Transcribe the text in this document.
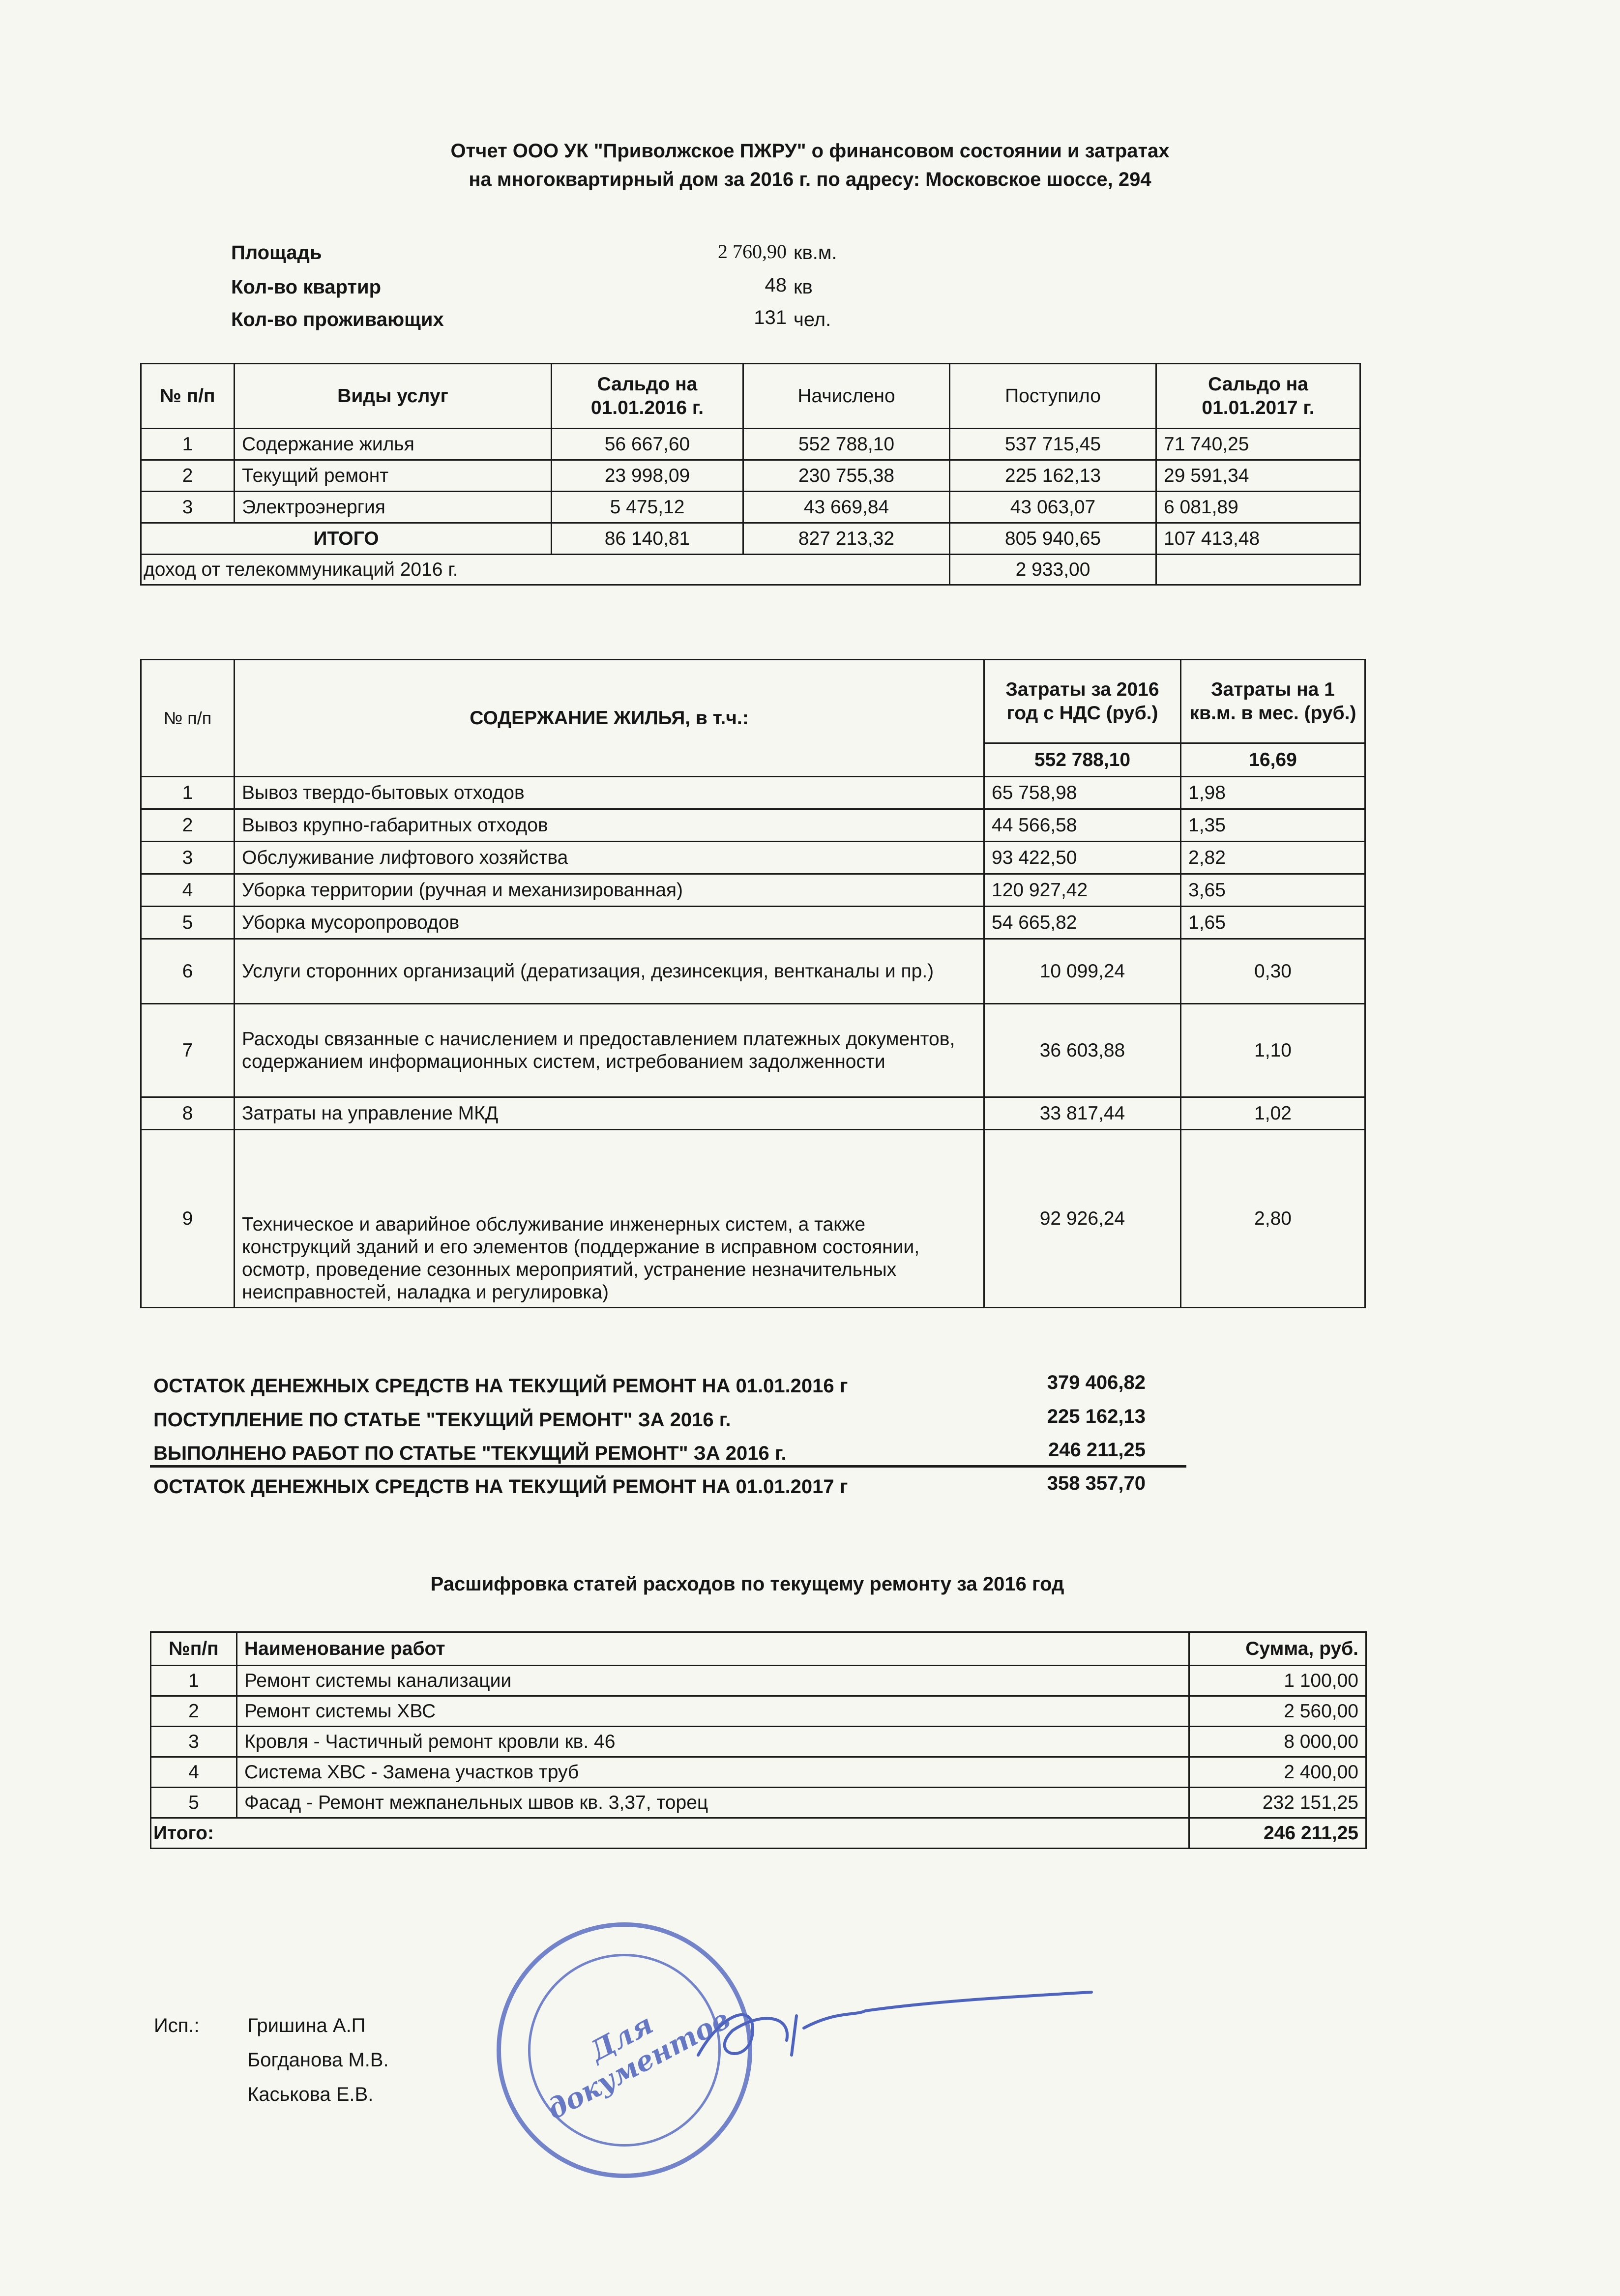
Отчет ООО УК "Приволжское ПЖРУ" о финансовом состоянии и затратах
на многоквартирный дом за 2016 г. по адресу: Московское шоссе, 294
Площадь	2 760,90 кв.м.
Кол-во квартир	48 кв
Кол-во проживающих	131 чел.
№ п/п	Виды услуг	Сальдо на 01.01.2016 г.	Начислено	Поступило	Сальдо на 01.01.2017 г.
1	Содержание жилья	56 667,60	552 788,10	537 715,45	71 740,25
2	Текущий ремонт	23 998,09	230 755,38	225 162,13	29 591,34
3	Электроэнергия	5 475,12	43 669,84	43 063,07	6 081,89
ИТОГО		86 140,81	827 213,32	805 940,65	107 413,48
доход от телекоммуникаций 2016 г.				2 933,00	
№ п/п	СОДЕРЖАНИЕ ЖИЛЬЯ, в т.ч.:	Затраты за 2016 год с НДС (руб.)	Затраты на 1 кв.м. в мес. (руб.)
		552 788,10	16,69
1	Вывоз твердо-бытовых отходов	65 758,98	1,98
2	Вывоз крупно-габаритных отходов	44 566,58	1,35
3	Обслуживание лифтового хозяйства	93 422,50	2,82
4	Уборка территории (ручная и механизированная)	120 927,42	3,65
5	Уборка мусоропроводов	54 665,82	1,65
6	Услуги сторонних организаций (дератизация, дезинсекция, вентканалы и пр.)	10 099,24	0,30
7	Расходы связанные с начислением и предоставлением платежных документов, содержанием информационных систем, истребованием задолженности	36 603,88	1,10
8	Затраты на управление МКД	33 817,44	1,02
9	Техническое и аварийное обслуживание инженерных систем, а также конструкций зданий и его элементов (поддержание в исправном состоянии, осмотр, проведение сезонных мероприятий, устранение незначительных неисправностей, наладка и регулировка)	92 926,24	2,80
ОСТАТОК ДЕНЕЖНЫХ СРЕДСТВ НА ТЕКУЩИЙ РЕМОНТ НА 01.01.2016 г	379 406,82
ПОСТУПЛЕНИЕ ПО СТАТЬЕ "ТЕКУЩИЙ РЕМОНТ" ЗА 2016 г.	225 162,13
ВЫПОЛНЕНО РАБОТ ПО СТАТЬЕ "ТЕКУЩИЙ РЕМОНТ" ЗА 2016 г.	246 211,25
ОСТАТОК ДЕНЕЖНЫХ СРЕДСТВ НА ТЕКУЩИЙ РЕМОНТ НА 01.01.2017 г	358 357,70
Расшифровка статей расходов по текущему ремонту за 2016 год
№п/п	Наименование работ	Сумма, руб.
1	Ремонт системы канализации	1 100,00
2	Ремонт системы ХВС	2 560,00
3	Кровля - Частичный ремонт кровли кв. 46	8 000,00
4	Система ХВС - Замена участков труб	2 400,00
5	Фасад - Ремонт межпанельных швов кв. 3,37, торец	232 151,25
Итого:		246 211,25
Исп.: Гришина А.П
Богданова М.В.
Каськова Е.В.
Для документов
